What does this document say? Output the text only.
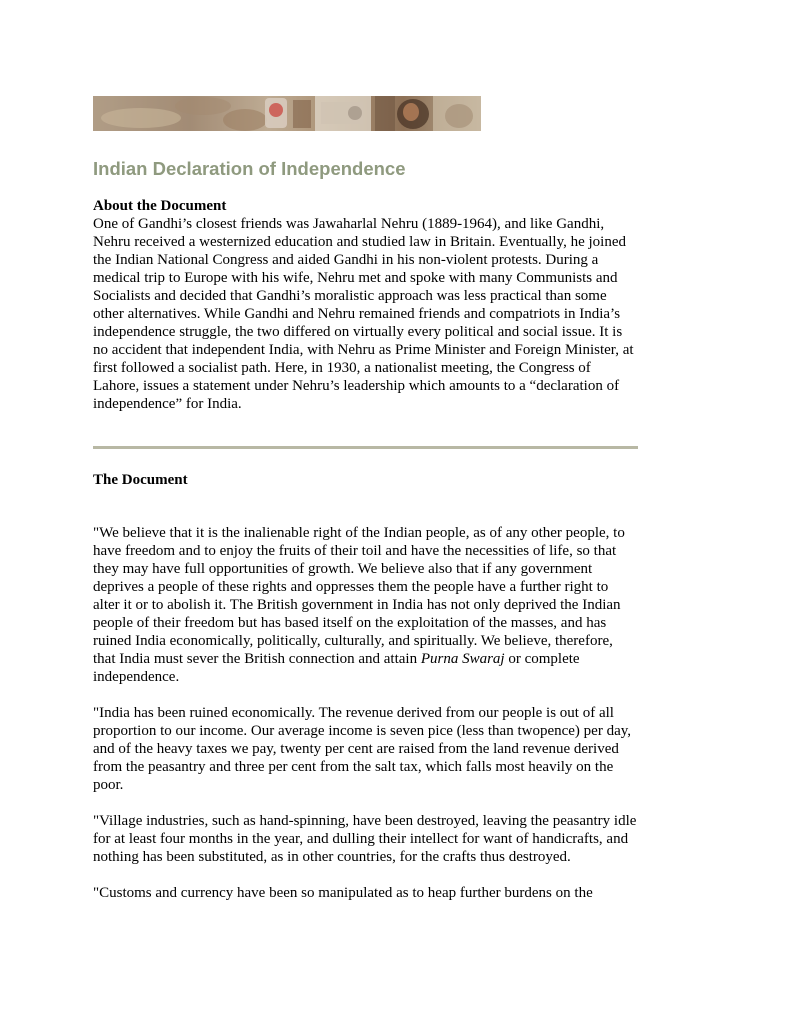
Indian Declaration of Independence
About the Document

One of Gandhi’s closest friends was Jawaharlal Nehru (1889-1964), and like Gandhi, Nehru received a westernized education and studied law in Britain. Eventually, he joined the Indian National Congress and aided Gandhi in his non-violent protests. During a medical trip to Europe with his wife, Nehru met and spoke with many Communists and Socialists and decided that Gandhi’s moralistic approach was less practical than some other alternatives. While Gandhi and Nehru remained friends and compatriots in India’s independence struggle, the two differed on virtually every political and social issue. It is no accident that independent India, with Nehru as Prime Minister and Foreign Minister, at first followed a socialist path. Here, in 1930, a nationalist meeting, the Congress of Lahore, issues a statement under Nehru’s leadership which amounts to a “declaration of independence” for India.

The Document

"We believe that it is the inalienable right of the Indian people, as of any other people, to have freedom and to enjoy the fruits of their toil and have the necessities of life, so that they may have full opportunities of growth. We believe also that if any government deprives a people of these rights and oppresses them the people have a further right to alter it or to abolish it. The British government in India has not only deprived the Indian people of their freedom but has based itself on the exploitation of the masses, and has ruined India economically, politically, culturally, and spiritually. We believe, therefore, that India must sever the British connection and attain Purna Swaraj or complete independence.

"India has been ruined economically. The revenue derived from our people is out of all proportion to our income. Our average income is seven pice (less than twopence) per day, and of the heavy taxes we pay, twenty per cent are raised from the land revenue derived from the peasantry and three per cent from the salt tax, which falls most heavily on the poor.

"Village industries, such as hand-spinning, have been destroyed, leaving the peasantry idle for at least four months in the year, and dulling their intellect for want of handicrafts, and nothing has been substituted, as in other countries, for the crafts thus destroyed.

"Customs and currency have been so manipulated as to heap further burdens on the
